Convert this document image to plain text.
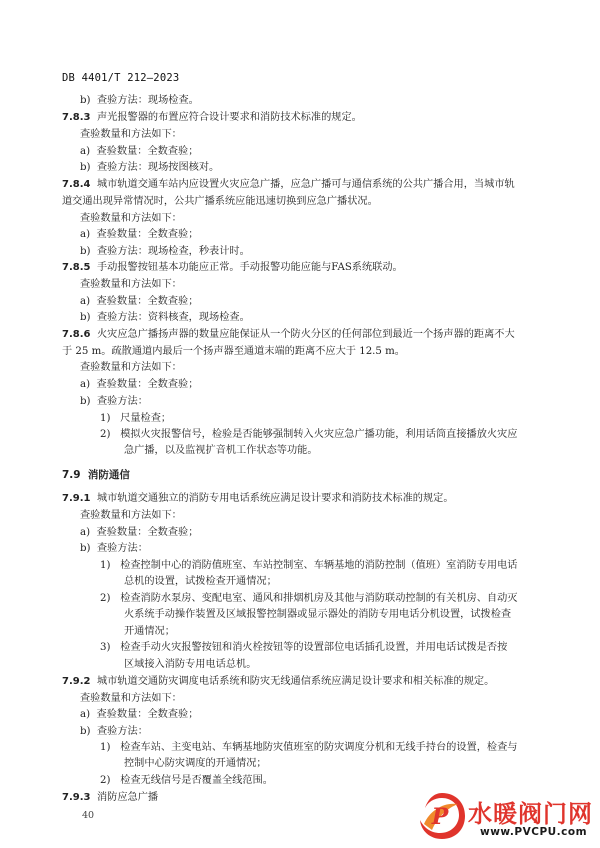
DB 4401/T 212—2023
b) 查验方法：现场检查。
7.8.3 声光报警器的布置应符合设计要求和消防技术标准的规定。
查验数量和方法如下：
a) 查验数量：全数查验；
b) 查验方法：现场按图核对。
7.8.4 城市轨道交通车站内应设置火灾应急广播，应急广播可与通信系统的公共广播合用，当城市轨
道交通出现异常情况时，公共广播系统应能迅速切换到应急广播状况。
查验数量和方法如下：
a) 查验数量：全数查验；
b) 查验方法：现场检查，秒表计时。
7.8.5 手动报警按钮基本功能应正常。手动报警功能应能与FAS系统联动。
查验数量和方法如下：
a) 查验数量：全数查验；
b) 查验方法：资料核查，现场检查。
7.8.6 火灾应急广播扬声器的数量应能保证从一个防火分区的任何部位到最近一个扬声器的距离不大
于 25 m。疏散通道内最后一个扬声器至通道末端的距离不应大于 12.5 m。
查验数量和方法如下：
a) 查验数量：全数查验；
b) 查验方法：
1) 尺量检查；
2) 模拟火灾报警信号，检验是否能够强制转入火灾应急广播功能，利用话筒直接播放火灾应
急广播，以及监视扩音机工作状态等功能。
7.9 消防通信
7.9.1 城市轨道交通独立的消防专用电话系统应满足设计要求和消防技术标准的规定。
查验数量和方法如下：
a) 查验数量：全数查验；
b) 查验方法：
1) 检查控制中心的消防值班室、车站控制室、车辆基地的消防控制（值班）室消防专用电话
总机的设置，试拨检查开通情况；
2) 检查消防水泵房、变配电室、通风和排烟机房及其他与消防联动控制的有关机房、自动灭
火系统手动操作装置及区域报警控制器或显示器处的消防专用电话分机设置，试拨检查
开通情况；
3) 检查手动火灾报警按钮和消火栓按钮等的设置部位电话插孔设置，并用电话试拨是否按
区域接入消防专用电话总机。
7.9.2 城市轨道交通防灾调度电话系统和防灾无线通信系统应满足设计要求和相关标准的规定。
查验数量和方法如下：
a) 查验数量：全数查验；
b) 查验方法：
1) 检查车站、主变电站、车辆基地防灾值班室的防灾调度分机和无线手持台的设置，检查与
控制中心防灾调度的开通情况；
2) 检查无线信号是否覆盖全线范围。
7.9.3 消防应急广播
40	P 水暖阀门网
www.PVCPU.com
